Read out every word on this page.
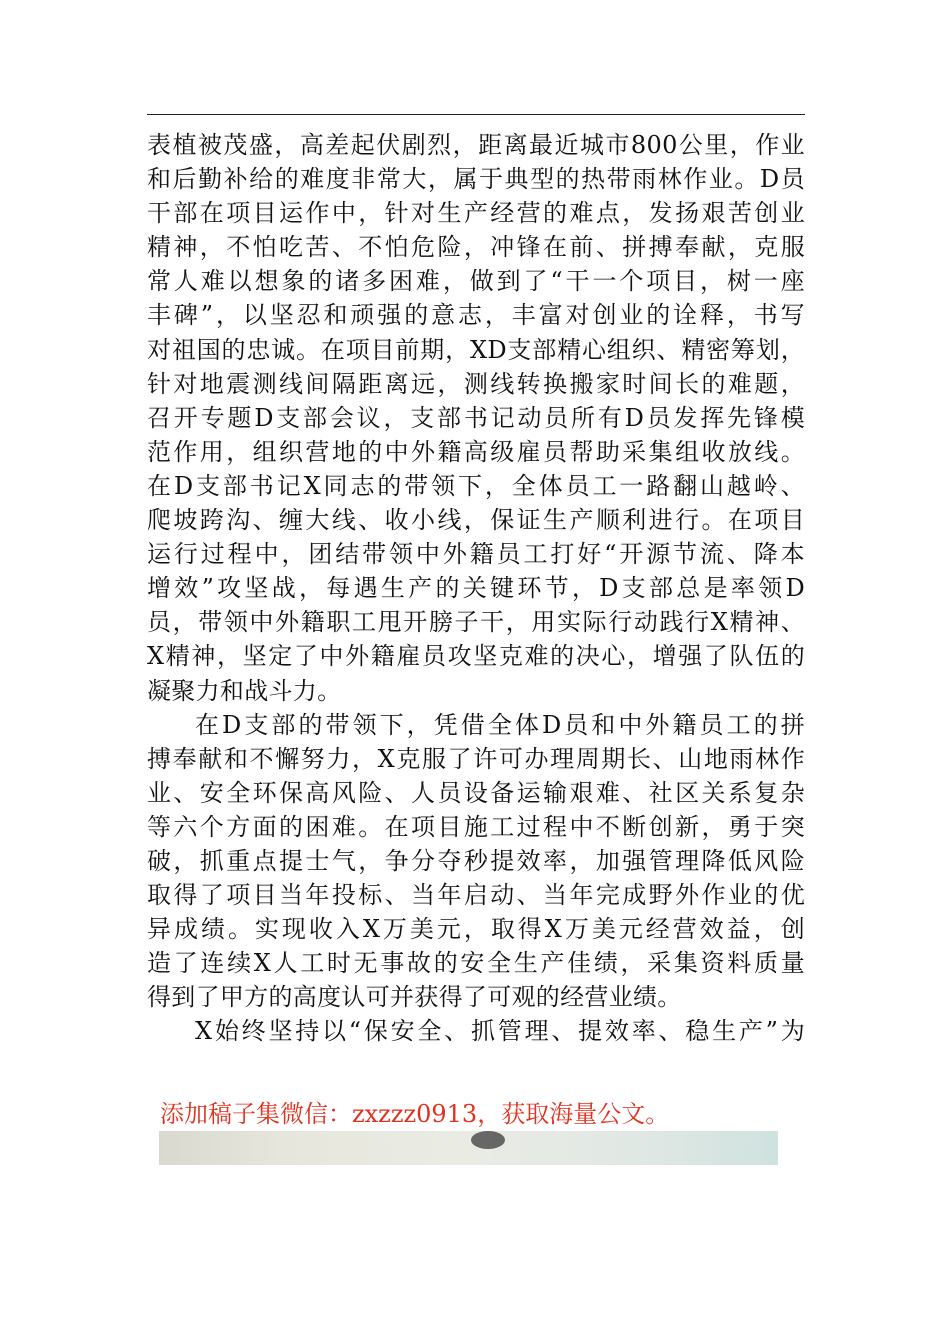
表植被茂盛，高差起伏剧烈，距离最近城市800公里，作业
和后勤补给的难度非常大，属于典型的热带雨林作业。D员
干部在项目运作中，针对生产经营的难点，发扬艰苦创业
精神，不怕吃苦、不怕危险，冲锋在前、拼搏奉献，克服
常人难以想象的诸多困难，做到了“干一个项目，树一座
丰碑”，以坚忍和顽强的意志，丰富对创业的诠释，书写
对祖国的忠诚。在项目前期，XD支部精心组织、精密筹划，
针对地震测线间隔距离远，测线转换搬家时间长的难题，
召开专题D支部会议，支部书记动员所有D员发挥先锋模
范作用，组织营地的中外籍高级雇员帮助采集组收放线。
在D支部书记X同志的带领下，全体员工一路翻山越岭、
爬坡跨沟、缠大线、收小线，保证生产顺利进行。在项目
运行过程中，团结带领中外籍员工打好“开源节流、降本
增效”攻坚战，每遇生产的关键环节，D支部总是率领D
员，带领中外籍职工甩开膀子干，用实际行动践行X精神、
X精神，坚定了中外籍雇员攻坚克难的决心，增强了队伍的
凝聚力和战斗力。
在D支部的带领下，凭借全体D员和中外籍员工的拼
搏奉献和不懈努力，X克服了许可办理周期长、山地雨林作
业、安全环保高风险、人员设备运输艰难、社区关系复杂
等六个方面的困难。在项目施工过程中不断创新，勇于突
破，抓重点提士气，争分夺秒提效率，加强管理降低风险
取得了项目当年投标、当年启动、当年完成野外作业的优
异成绩。实现收入X万美元，取得X万美元经营效益，创
造了连续X人工时无事故的安全生产佳绩，采集资料质量
得到了甲方的高度认可并获得了可观的经营业绩。
X始终坚持以“保安全、抓管理、提效率、稳生产”为
添加稿子集微信：zxzzz0913，获取海量公文。
